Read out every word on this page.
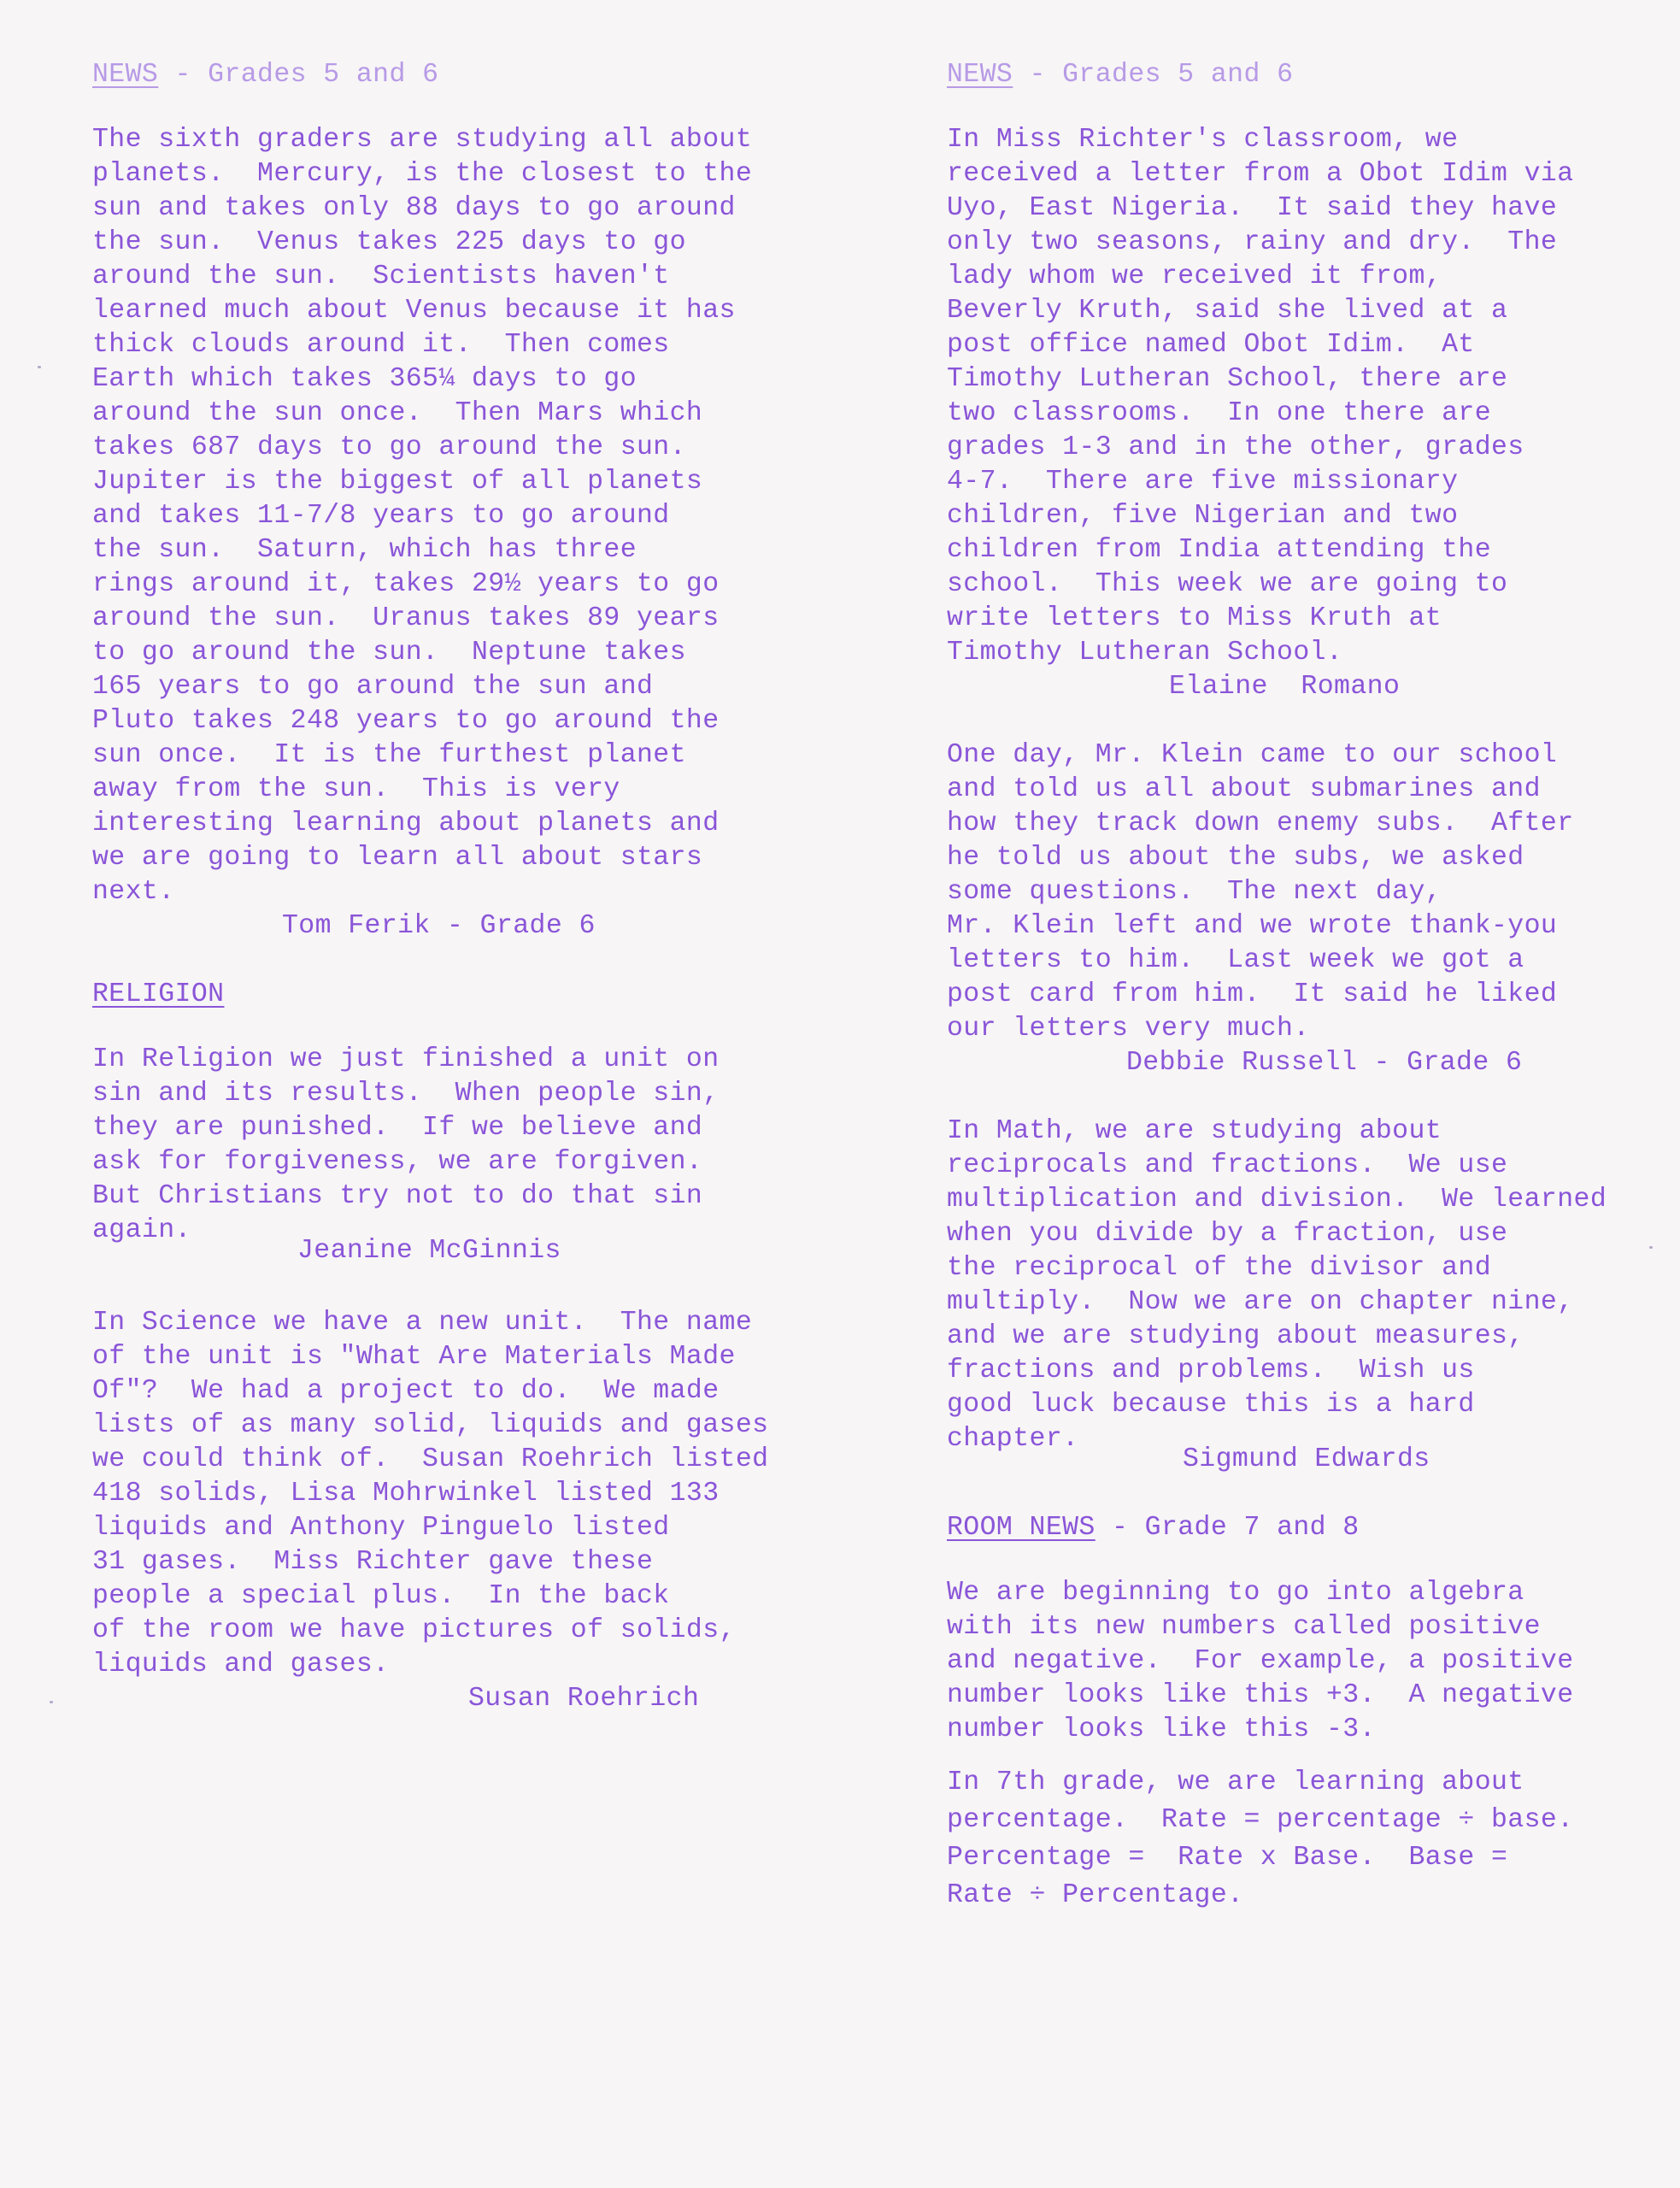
NEWS - Grades 5 and 6
The sixth graders are studying all about
planets.  Mercury, is the closest to the
sun and takes only 88 days to go around
the sun.  Venus takes 225 days to go
around the sun.  Scientists haven't
learned much about Venus because it has
thick clouds around it.  Then comes
Earth which takes 365¼ days to go
around the sun once.  Then Mars which
takes 687 days to go around the sun.
Jupiter is the biggest of all planets
and takes 11-7/8 years to go around
the sun.  Saturn, which has three
rings around it, takes 29½ years to go
around the sun.  Uranus takes 89 years
to go around the sun.  Neptune takes
165 years to go around the sun and
Pluto takes 248 years to go around the
sun once.  It is the furthest planet
away from the sun.  This is very
interesting learning about planets and
we are going to learn all about stars
next.
Tom Ferik - Grade 6
RELIGION
In Religion we just finished a unit on
sin and its results.  When people sin,
they are punished.  If we believe and
ask for forgiveness, we are forgiven.
But Christians try not to do that sin
again.
Jeanine McGinnis
In Science we have a new unit.  The name
of the unit is "What Are Materials Made
Of"?  We had a project to do.  We made
lists of as many solid, liquids and gases
we could think of.  Susan Roehrich listed
418 solids, Lisa Mohrwinkel listed 133
liquids and Anthony Pinguelo listed
31 gases.  Miss Richter gave these
people a special plus.  In the back
of the room we have pictures of solids,
liquids and gases.
Susan Roehrich
NEWS - Grades 5 and 6
In Miss Richter's classroom, we
received a letter from a Obot Idim via
Uyo, East Nigeria.  It said they have
only two seasons, rainy and dry.  The
lady whom we received it from,
Beverly Kruth, said she lived at a
post office named Obot Idim.  At
Timothy Lutheran School, there are
two classrooms.  In one there are
grades 1-3 and in the other, grades
4-7.  There are five missionary
children, five Nigerian and two
children from India attending the
school.  This week we are going to
write letters to Miss Kruth at
Timothy Lutheran School.
Elaine  Romano
One day, Mr. Klein came to our school
and told us all about submarines and
how they track down enemy subs.  After
he told us about the subs, we asked
some questions.  The next day,
Mr. Klein left and we wrote thank-you
letters to him.  Last week we got a
post card from him.  It said he liked
our letters very much.
Debbie Russell - Grade 6
In Math, we are studying about
reciprocals and fractions.  We use
multiplication and division.  We learned
when you divide by a fraction, use
the reciprocal of the divisor and
multiply.  Now we are on chapter nine,
and we are studying about measures,
fractions and problems.  Wish us
good luck because this is a hard
chapter.
Sigmund Edwards
ROOM NEWS - Grade 7 and 8
We are beginning to go into algebra
with its new numbers called positive
and negative.  For example, a positive
number looks like this +3.  A negative
number looks like this -3.
In 7th grade, we are learning about
percentage.  Rate = percentage ÷ base.
Percentage =  Rate x Base.  Base =
Rate ÷ Percentage.
